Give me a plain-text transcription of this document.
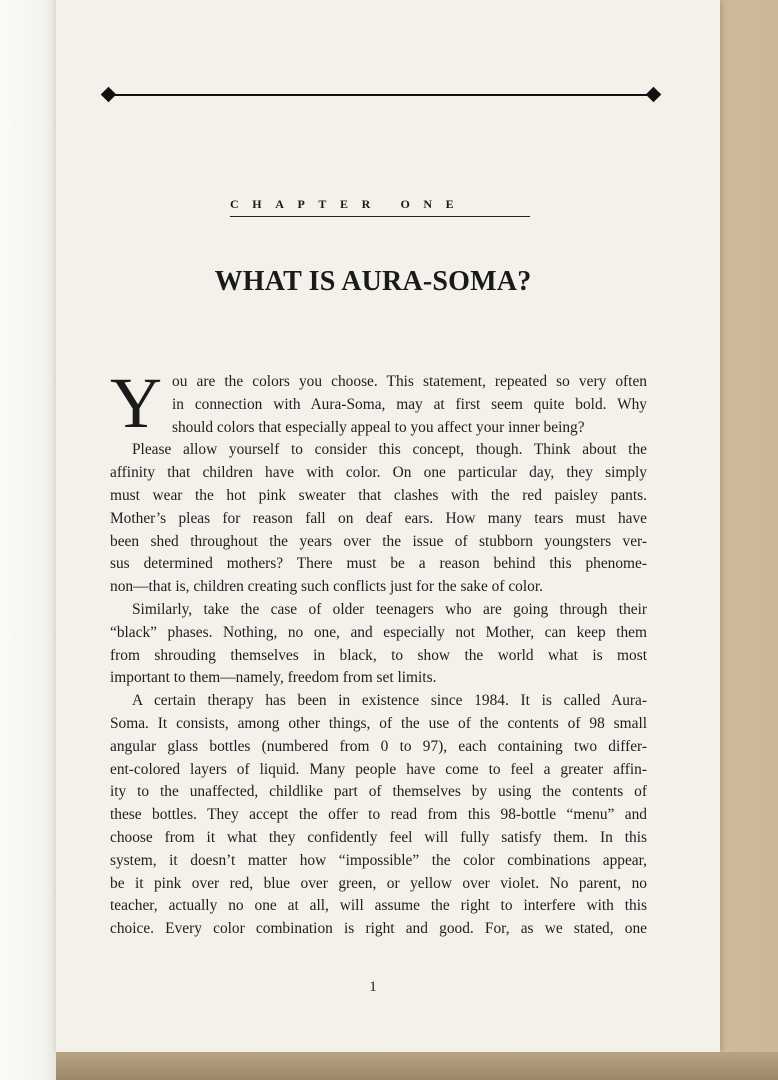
CHAPTER ONE
WHAT IS AURA-SOMA?
Y ou are the colors you choose. This statement, repeated so very often
in connection with Aura-Soma, may at first seem quite bold. Why
should colors that especially appeal to you affect your inner being?
Please allow yourself to consider this concept, though. Think about the
affinity that children have with color. On one particular day, they simply
must wear the hot pink sweater that clashes with the red paisley pants.
Mother’s pleas for reason fall on deaf ears. How many tears must have
been shed throughout the years over the issue of stubborn youngsters ver-
sus determined mothers? There must be a reason behind this phenome-
non—that is, children creating such conflicts just for the sake of color.
Similarly, take the case of older teenagers who are going through their
“black” phases. Nothing, no one, and especially not Mother, can keep them
from shrouding themselves in black, to show the world what is most
important to them—namely, freedom from set limits.
A certain therapy has been in existence since 1984. It is called Aura-
Soma. It consists, among other things, of the use of the contents of 98 small
angular glass bottles (numbered from 0 to 97), each containing two differ-
ent-colored layers of liquid. Many people have come to feel a greater affin-
ity to the unaffected, childlike part of themselves by using the contents of
these bottles. They accept the offer to read from this 98-bottle “menu” and
choose from it what they confidently feel will fully satisfy them. In this
system, it doesn’t matter how “impossible” the color combinations appear,
be it pink over red, blue over green, or yellow over violet. No parent, no
teacher, actually no one at all, will assume the right to interfere with this
choice. Every color combination is right and good. For, as we stated, one
1
